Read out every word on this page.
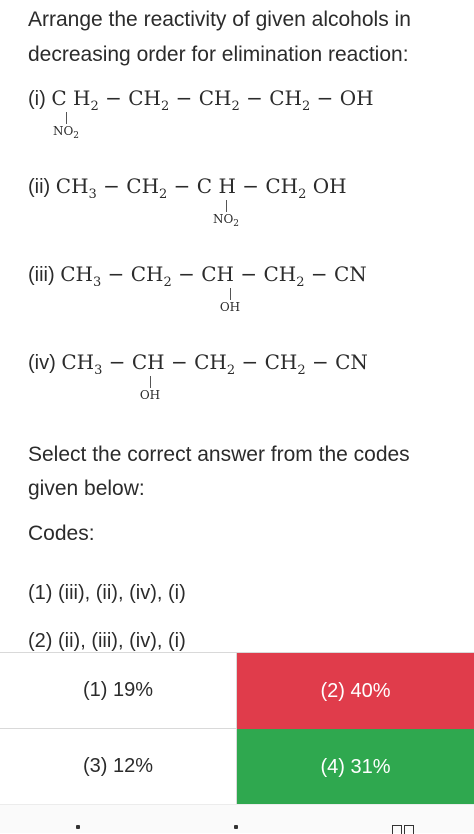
Arrange the reactivity of given alcohols in decreasing order for elimination reaction:
(i) C $H_2 - CH_2 - CH_2 - CH_2$ − OH
$NO_2$
(ii) $CH_3 - CH_2 - C$ $H - CH_2$ OH
$NO_2$
(iii) $CH_3 - CH_2$ − CH − $CH_2$ − CN
OH
(iv) $CH_3$ − CH − $CH_2 - CH_2$ − CN
OH
Select the correct answer from the codes given below:
Codes:
(1) (iii), (ii), (iv), (i)
(2) (ii), (iii), (iv), (i)
(1) 19%	(2) 40%
(3) 12%	(4) 31%
